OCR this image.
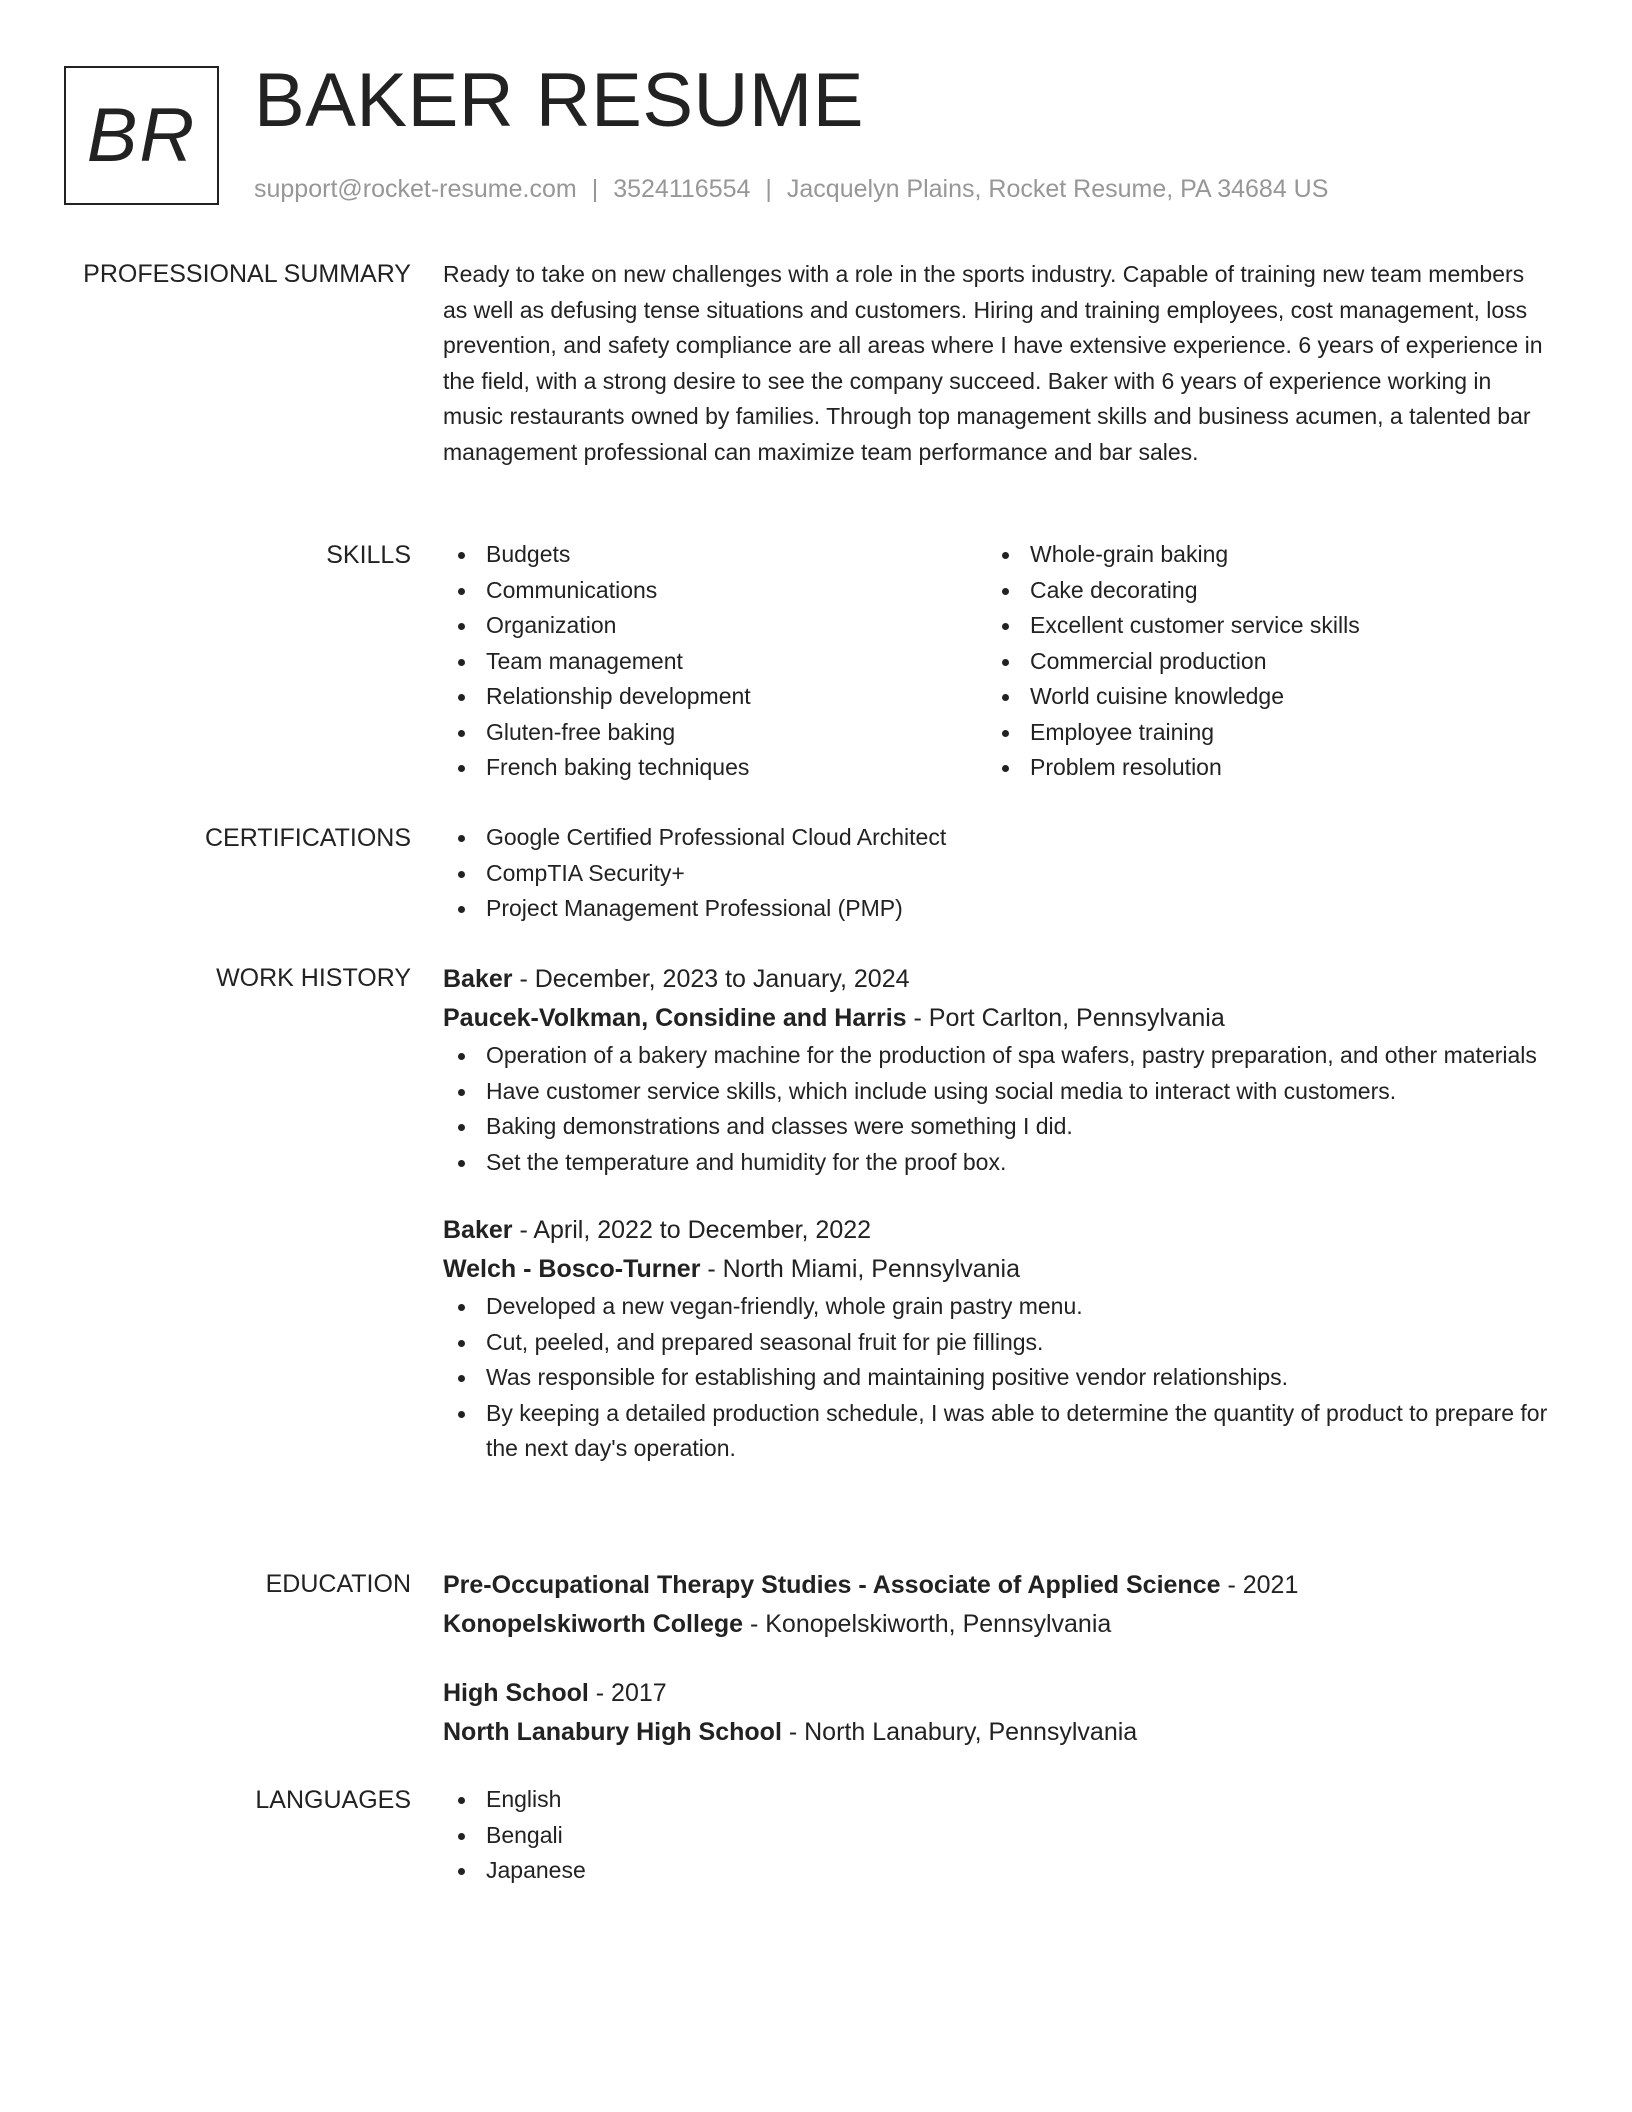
BR BAKER RESUME
support@rocket-resume.com | 3524116554 | Jacquelyn Plains, Rocket Resume, PA 34684 US
PROFESSIONAL SUMMARY Ready to take on new challenges with a role in the sports industry. Capable of training new team members as well as defusing tense situations and customers. Hiring and training employees, cost management, loss prevention, and safety compliance are all areas where I have extensive experience. 6 years of experience in the field, with a strong desire to see the company succeed. Baker with 6 years of experience working in music restaurants owned by families. Through top management skills and business acumen, a talented bar management professional can maximize team performance and bar sales.

SKILLS	Budgets
Communications
Organization
Team management
Relationship development
Gluten-free baking
French baking techniques
Whole-grain baking
Cake decorating
Excellent customer service skills
Commercial production
World cuisine knowledge
Employee training
Problem resolution
CERTIFICATIONS	Google Certified Professional Cloud Architect
CompTIA Security+
Project Management Professional (PMP)
WORK HISTORY Baker - December, 2023 to January, 2024
Paucek-Volkman, Considine and Harris - Port Carlton, Pennsylvania
Operation of a bakery machine for the production of spa wafers, pastry preparation, and other materials
Have customer service skills, which include using social media to interact with customers.
Baking demonstrations and classes were something I did.
Set the temperature and humidity for the proof box.
Baker - April, 2022 to December, 2022
Welch - Bosco-Turner - North Miami, Pennsylvania
Developed a new vegan-friendly, whole grain pastry menu.
Cut, peeled, and prepared seasonal fruit for pie fillings.
Was responsible for establishing and maintaining positive vendor relationships.
By keeping a detailed production schedule, I was able to determine the quantity of product to prepare for the next day's operation.
EDUCATION Pre-Occupational Therapy Studies - Associate of Applied Science - 2021
Konopelskiworth College - Konopelskiworth, Pennsylvania
High School - 2017
North Lanabury High School - North Lanabury, Pennsylvania
LANGUAGES	English
Bengali
Japanese
